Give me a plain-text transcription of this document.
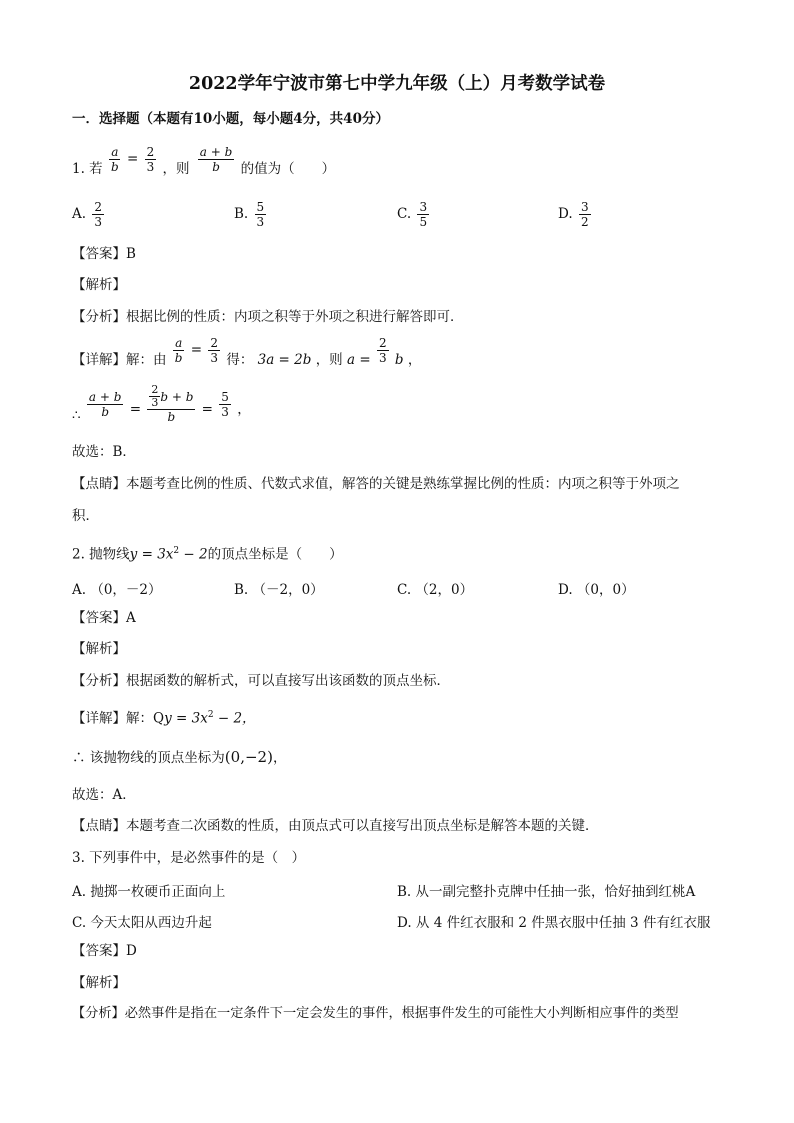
2022学年宁波市第七中学九年级（上）月考数学试卷
一．选择题（本题有10小题，每小题4分，共40分）
1. 若 $\frac{a}{b} = \frac{2}{3}$ ，则 $\frac{a + b}{b}$ 的值为（　　）
A. $\frac{2}{3}$	B. $\frac{5}{3}$	C. $\frac{3}{5}$	D. $\frac{3}{2}$
【答案】B
【解析】
【分析】根据比例的性质：内项之积等于外项之积进行解答即可．
【详解】解：由 $\frac{a}{b} = \frac{2}{3}$ 得： 3a = 2b ，则 $a = \frac{2}{3}$ b ，
∴ $\frac{a + b}{b} = \frac{\frac{2}{3} b + b}{b} = \frac{5}{3}$ ，
故选：B．
【点睛】本题考查比例的性质、代数式求值，解答的关键是熟练掌握比例的性质：内项之积等于外项之
积．
2. 抛物线$y = 3x^2 - 2$的顶点坐标是（　　）
A. （0，－2）	B. （－2，0）	C. （2，0）	D. （0，0）
【答案】A
【解析】
【分析】根据函数的解析式，可以直接写出该函数的顶点坐标．
【详解】解：$Qy = 3x^2 - 2$，
∴ 该抛物线的顶点坐标为(0,−2)，
故选：A．
【点睛】本题考查二次函数的性质，由顶点式可以直接写出顶点坐标是解答本题的关键．
3. 下列事件中，是必然事件的是（　）
A. 抛掷一枚硬币正面向上	B. 从一副完整扑克牌中任抽一张，恰好抽到红桃A
C. 今天太阳从西边升起	D. 从 4 件红衣服和 2 件黑衣服中任抽 3 件有红衣服
【答案】D
【解析】
【分析】必然事件是指在一定条件下一定会发生的事件，根据事件发生的可能性大小判断相应事件的类型
